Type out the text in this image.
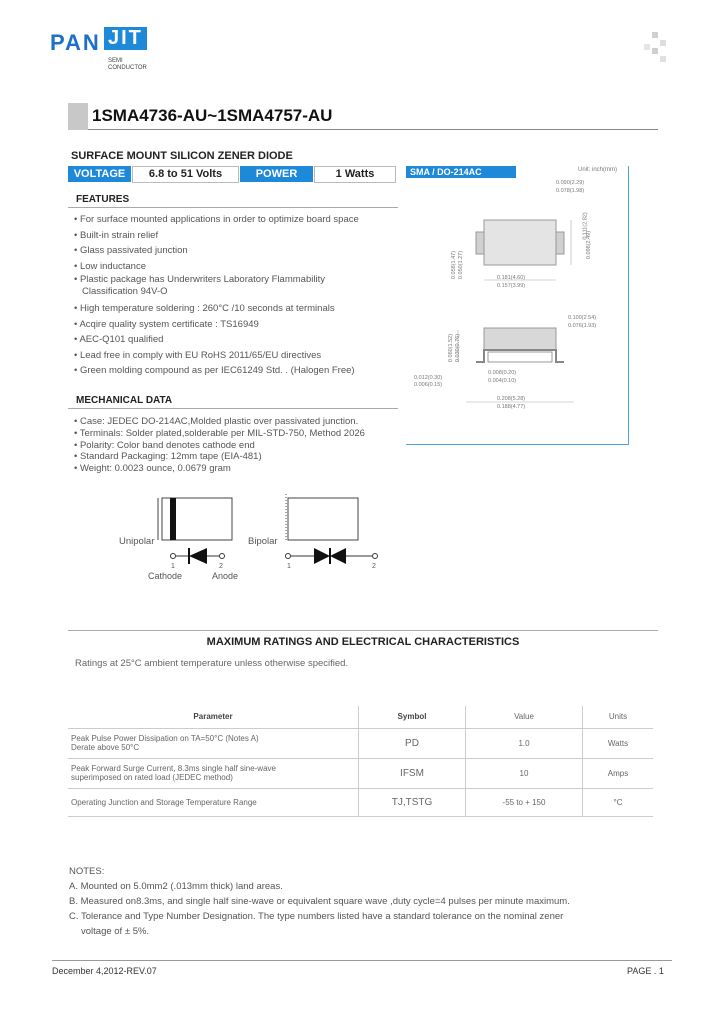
PAN JIT
SEMI
CONDUCTOR
1SMA4736-AU~1SMA4757-AU
SURFACE MOUNT SILICON ZENER DIODE
VOLTAGE	6.8 to 51 Volts	POWER	1 Watts	SMA / DO-214AC	Unit: inch(mm)
0.111(2.82)
0.098(2.49)
0.058(1.47) 0.050(1.27)	0.181(4.60)
0.157(3.99)
0.100(2.54)
0.076(1.93)
0.060(1.52) 0.030(0.76)
0.008(0.20)
0.004(0.10)
0.012(0.30)
0.006(0.15)
0.208(5.28)
0.188(4.77)
0.090(2.29)
0.078(1.98)
FEATURES
• For surface mounted applications in order to optimize board space
• Built-in strain relief
• Glass passivated junction
• Low inductance
• Plastic package has Underwriters Laboratory Flammability Classification 94V-O
• High temperature soldering : 260°C /10 seconds at terminals
• Acqire quality system certificate : TS16949
• AEC-Q101 qualified
• Lead free in comply with EU RoHS 2011/65/EU directives
• Green molding compound as per IEC61249 Std. . (Halogen Free)
MECHANICAL DATA
• Case: JEDEC DO-214AC,Molded plastic over passivated junction.
• Terminals: Solder plated,solderable per MIL-STD-750, Method 2026
• Polarity: Color band denotes cathode end
• Standard Packaging: 12mm tape (EIA-481)
• Weight: 0.0023 ounce, 0.0679 gram
Unipolar	Bipolar
1	2
Cathode	Anode
1	2
MAXIMUM RATINGS AND ELECTRICAL CHARACTERISTICS
Ratings at 25°C ambient temperature unless otherwise specified.
Parameter	Symbol	Value	Units
Peak Pulse Power Dissipation on TA=50°C (Notes A)
Derate above 50°C	PD	1.0	Watts
Peak Forward Surge Current, 8.3ms single half sine-wave
superimposed on rated load (JEDEC method)	IFSM	10	Amps
Operating Junction and Storage Temperature Range	TJ,TSTG	-55 to + 150	°C
NOTES:
A. Mounted on 5.0mm2 (.013mm thick) land areas.
B. Measured on8.3ms, and single half sine-wave or equivalent square wave ,duty cycle=4 pulses per minute maximum.
C. Tolerance and Type Number Designation. The type numbers listed have a standard tolerance on the nominal zener
voltage of ± 5%.
December 4,2012-REV.07	PAGE . 1
